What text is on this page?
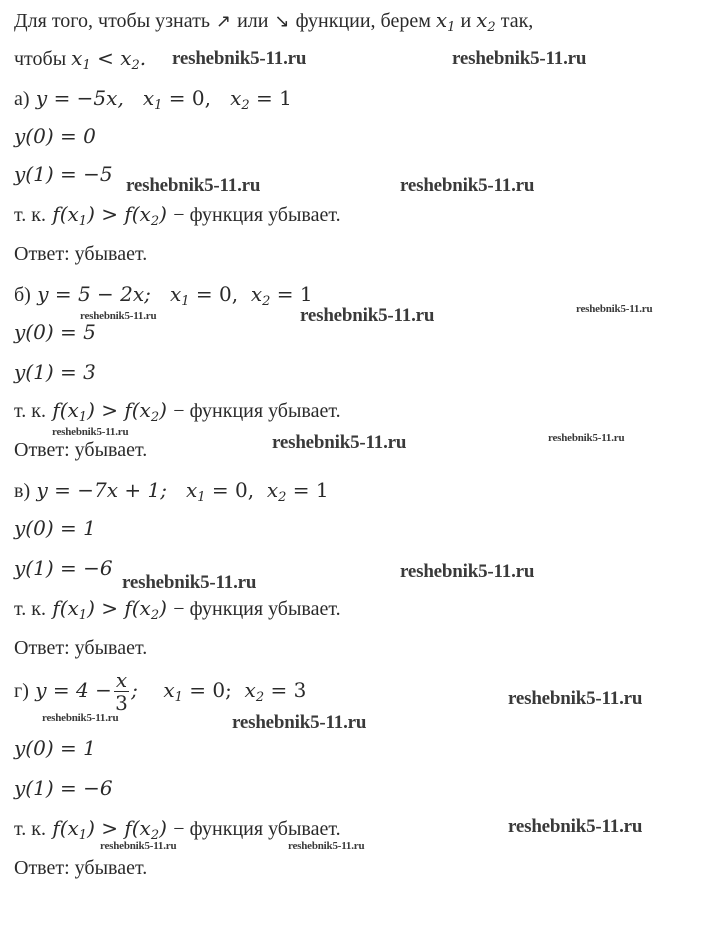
Для того, чтобы узнать ↗ или ↘ функции, берем $x_1$ и $x_2$ так,
чтобы $x_1 < x_2$.
а) y = −5x, $x_1 = 0$, $x_2 = 1$
y(0) = 0
y(1) = −5
т. к. $f(x_1) > f(x_2)$ − функция убывает.
Ответ: убывает.
б) y = 5 − 2x; $x_1 = 0$, $x_2 = 1$
y(0) = 5
y(1) = 3
т. к. $f(x_1) > f(x_2)$ − функция убывает.
Ответ: убывает.
в) y = −7x + 1; $x_1 = 0$, $x_2 = 1$
y(0) = 1
y(1) = −6
т. к. $f(x_1) > f(x_2)$ − функция убывает.
Ответ: убывает.
г) $y = 4 - \frac{x}{3}$ ; $x_1 = 0$; $x_2 = 3$
y(0) = 1
y(1) = −6
т. к. $f(x_1) > f(x_2)$ − функция убывает.
Ответ: убывает.
reshebnik5-11.ru	reshebnik5-11.ru
reshebnik5-11.ru	reshebnik5-11.ru
reshebnik5-11.ru	reshebnik5-11.ru	reshebnik5-11.ru
reshebnik5-11.ru	reshebnik5-11.ru	reshebnik5-11.ru
reshebnik5-11.ru
reshebnik5-11.ru
reshebnik5-11.ru
reshebnik5-11.ru	reshebnik5-11.ru
reshebnik5-11.ru
reshebnik5-11.ru	reshebnik5-11.ru
